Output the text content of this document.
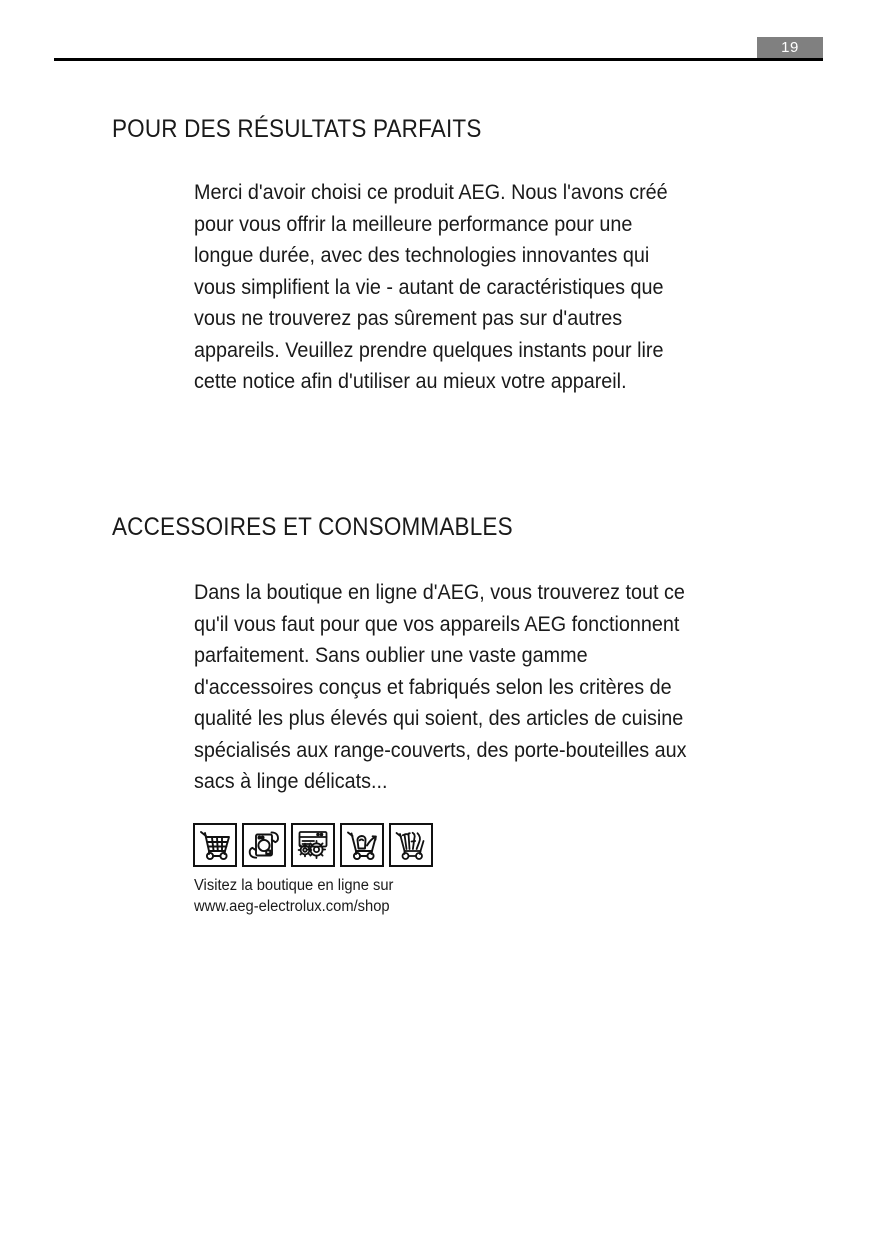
19
POUR DES RÉSULTATS PARFAITS
Merci d'avoir choisi ce produit AEG. Nous l'avons créé
pour vous offrir la meilleure performance pour une
longue durée, avec des technologies innovantes qui
vous simplifient la vie - autant de caractéristiques que
vous ne trouverez pas sûrement pas sur d'autres
appareils. Veuillez prendre quelques instants pour lire
cette notice afin d'utiliser au mieux votre appareil.
ACCESSOIRES ET CONSOMMABLES
Dans la boutique en ligne d'AEG, vous trouverez tout ce
qu'il vous faut pour que vos appareils AEG fonctionnent
parfaitement. Sans oublier une vaste gamme
d'accessoires conçus et fabriqués selon les critères de
qualité les plus élevés qui soient, des articles de cuisine
spécialisés aux range-couverts, des porte-bouteilles aux
sacs à linge délicats...
Visitez la boutique en ligne sur
www.aeg-electrolux.com/shop
